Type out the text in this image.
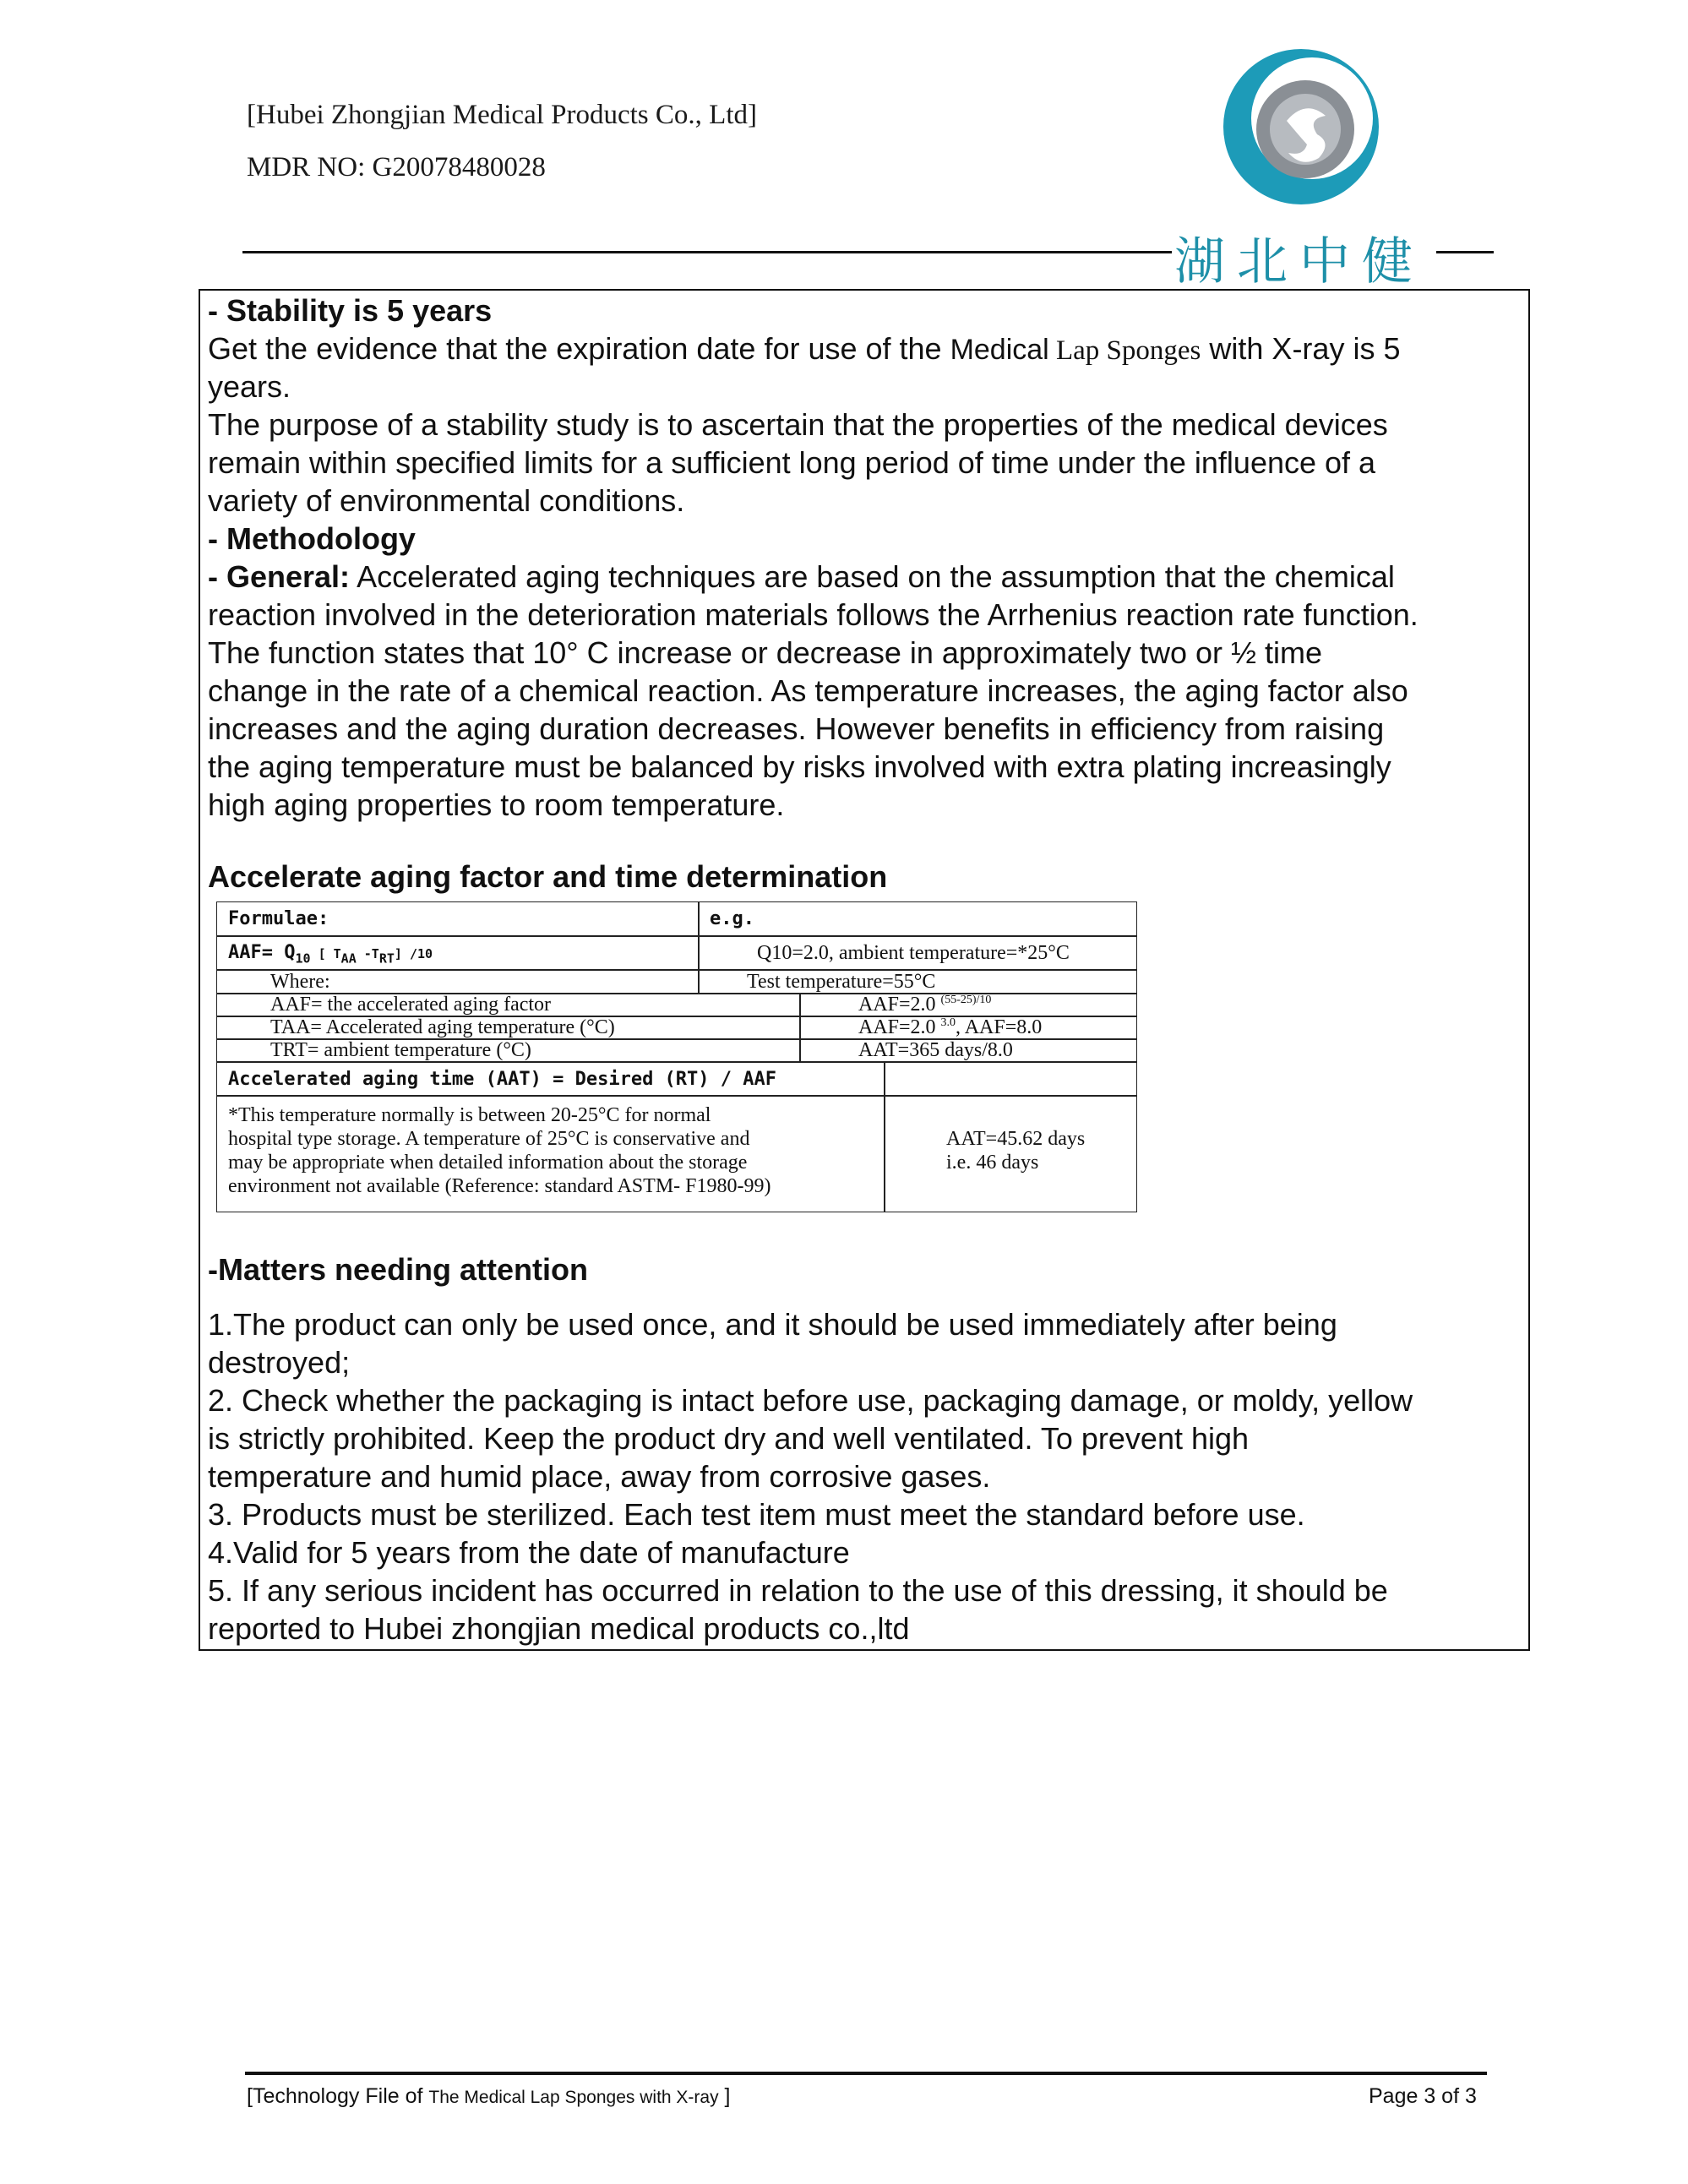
[Hubei Zhongjian Medical Products Co., Ltd]
MDR NO: G20078480028
湖北中健
- Stability is 5 years
Get the evidence that the expiration date for use of the Medical Lap Sponges with X-ray is 5
years.
The purpose of a stability study is to ascertain that the properties of the medical devices
remain within specified limits for a sufficient long period of time under the influence of a
variety of environmental conditions.
- Methodology
- General: Accelerated aging techniques are based on the assumption that the chemical
reaction involved in the deterioration materials follows the Arrhenius reaction rate function.
The function states that 10° C increase or decrease in approximately two or ½ time
change in the rate of a chemical reaction. As temperature increases, the aging factor also
increases and the aging duration decreases. However benefits in efficiency from raising
the aging temperature must be balanced by risks involved with extra plating increasingly
high aging properties to room temperature.
Accelerate aging factor and time determination
Formulae:	e.g.
$AAF= Q_{10}$ [ $T_{AA}$ $-T_{RT}$] /10	Q10=2.0, ambient temperature=*25°C
Where:	Test temperature=55°C
AAF= the accelerated aging factor	AAF=2.0 $^{(55-25)/10}$
TAA= Accelerated aging temperature (°C)	AAF=2.0 $^{3.0}$, AAF=8.0
TRT= ambient temperature (°C)	AAT=365 days/8.0
Accelerated aging time (AAT) = Desired (RT) / AAF
*This temperature normally is between 20-25°C for normal
hospital type storage. A temperature of 25°C is conservative and
may be appropriate when detailed information about the storage
environment not available (Reference: standard ASTM- F1980-99)
AAT=45.62 days
i.e. 46 days
-Matters needing attention
1.The product can only be used once, and it should be used immediately after being
destroyed;
2. Check whether the packaging is intact before use, packaging damage, or moldy, yellow
is strictly prohibited. Keep the product dry and well ventilated. To prevent high
temperature and humid place, away from corrosive gases.
3. Products must be sterilized. Each test item must meet the standard before use.
4.Valid for 5 years from the date of manufacture
5. If any serious incident has occurred in relation to the use of this dressing, it should be
reported to Hubei zhongjian medical products co.,ltd
[Technology File of The Medical Lap Sponges with X-ray ]	Page 3 of 3
